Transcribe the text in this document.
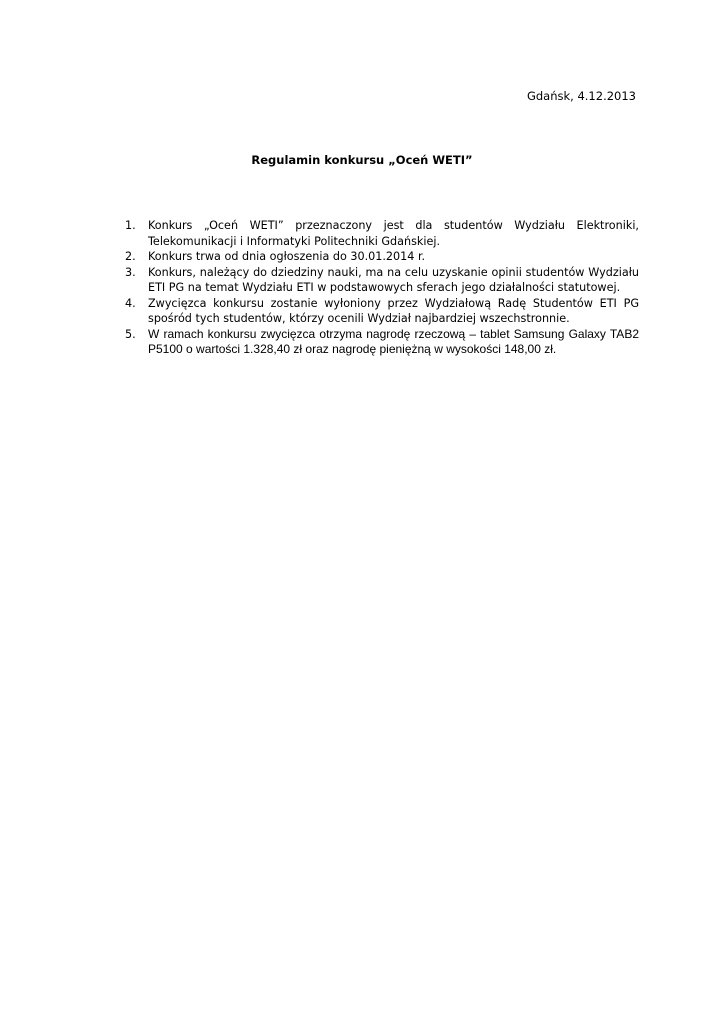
Gdańsk, 4.12.2013
Regulamin konkursu „Oceń WETI”
1.	Konkurs „Oceń WETI” przeznaczony jest dla studentów Wydziału Elektroniki, Telekomunikacji i Informatyki Politechniki Gdańskiej.
2.	Konkurs trwa od dnia ogłoszenia do 30.01.2014 r.
3.	Konkurs, należący do dziedziny nauki, ma na celu uzyskanie opinii studentów Wydziału ETI PG na temat Wydziału ETI w podstawowych sferach jego działalności statutowej.
4.	Zwycięzca konkursu zostanie wyłoniony przez Wydziałową Radę Studentów ETI PG spośród tych studentów, którzy ocenili Wydział najbardziej wszechstronnie.
5.	W ramach konkursu zwycięzca otrzyma nagrodę rzeczową – tablet Samsung Galaxy TAB2 P5100 o wartości 1.328,40 zł oraz nagrodę pieniężną w wysokości 148,00 zł.
